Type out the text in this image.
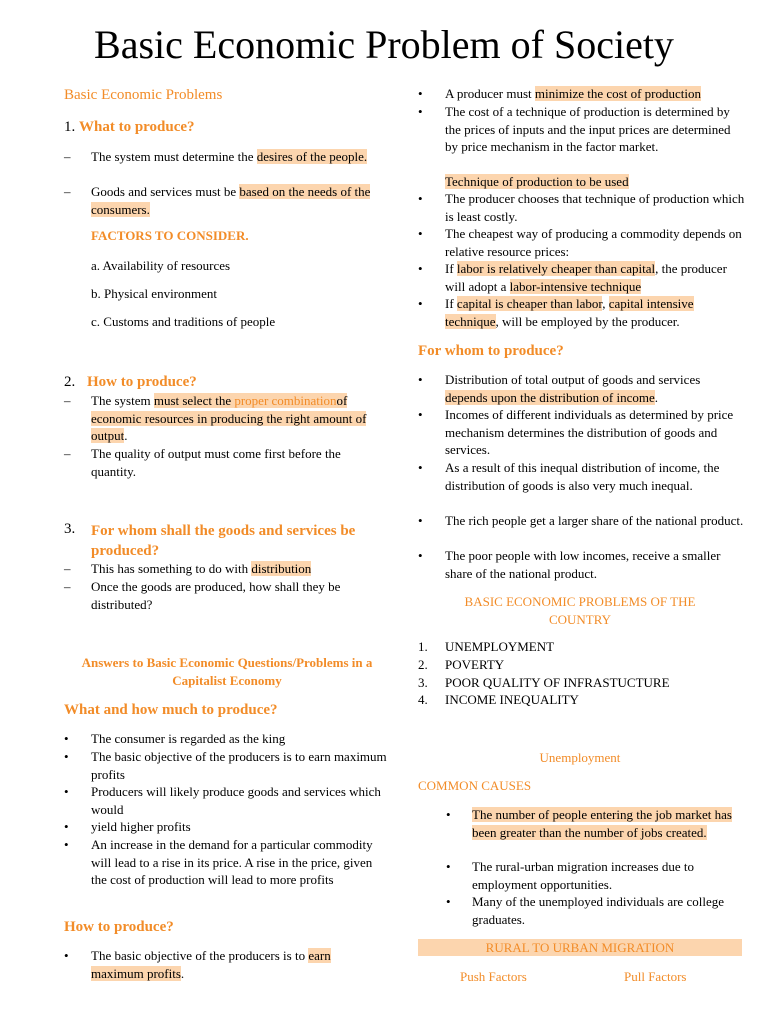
Basic Economic Problem of Society
Basic Economic Problems
1. What to produce?
– The system must determine the desires of the people.
– Goods and services must be based on the needs of the consumers.
FACTORS TO CONSIDER.
a. Availability of resources
b. Physical environment
c. Customs and traditions of people
2. How to produce?
– The system must select the proper combinationof economic resources in producing the right amount of output.
– The quality of output must come first before the quantity.
3. For whom shall the goods and services be produced?
– This has something to do with distribution
– Once the goods are produced, how shall they be distributed?
Answers to Basic Economic Questions/Problems in a Capitalist Economy
What and how much to produce?
• The consumer is regarded as the king
• The basic objective of the producers is to earn maximum profits
• Producers will likely produce goods and services which would
• yield higher profits
• An increase in the demand for a particular commodity will lead to a rise in its price. A rise in the price, given the cost of production will lead to more profits
How to produce?
• The basic objective of the producers is to earn maximum profits.
• A producer must minimize the cost of production
• The cost of a technique of production is determined by the prices of inputs and the input prices are determined by price mechanism in the factor market.
Technique of production to be used
• The producer chooses that technique of production which is least costly.
• The cheapest way of producing a commodity depends on relative resource prices:
• If labor is relatively cheaper than capital, the producer will adopt a labor-intensive technique
• If capital is cheaper than labor, capital intensive technique, will be employed by the producer.
For whom to produce?
• Distribution of total output of goods and services depends upon the distribution of income.
• Incomes of different individuals as determined by price mechanism determines the distribution of goods and services.
• As a result of this inequal distribution of income, the distribution of goods is also very much inequal.
• The rich people get a larger share of the national product.
• The poor people with low incomes, receive a smaller share of the national product.
BASIC ECONOMIC PROBLEMS OF THE COUNTRY
1. UNEMPLOYMENT
2. POVERTY
3. POOR QUALITY OF INFRASTUCTURE
4. INCOME INEQUALITY
Unemployment
COMMON CAUSES
• The number of people entering the job market has been greater than the number of jobs created.
• The rural-urban migration increases due to employment opportunities.
• Many of the unemployed individuals are college graduates.
RURAL TO URBAN MIGRATION
Push Factors	Pull Factors
